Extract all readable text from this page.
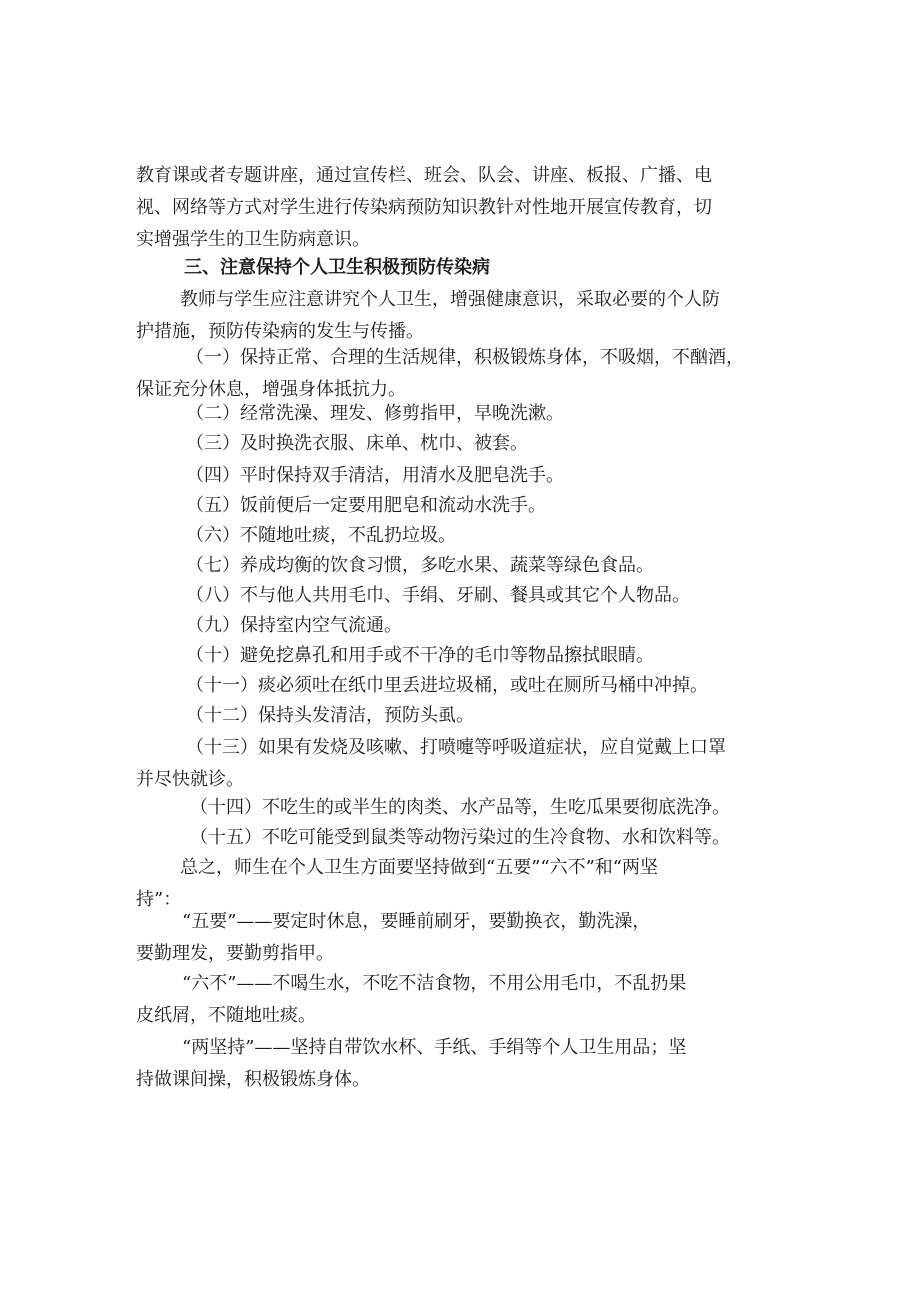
教育课或者专题讲座，通过宣传栏、班会、队会、讲座、板报、广播、电
视、网络等方式对学生进行传染病预防知识教针对性地开展宣传教育，切
实增强学生的卫生防病意识。
三、注意保持个人卫生积极预防传染病
教师与学生应注意讲究个人卫生，增强健康意识，采取必要的个人防
护措施，预防传染病的发生与传播。
（一）保持正常、合理的生活规律，积极锻炼身体，不吸烟，不酗酒，
保证充分休息，增强身体抵抗力。
（二）经常洗澡、理发、修剪指甲，早晚洗漱。
（三）及时换洗衣服、床单、枕巾、被套。
（四）平时保持双手清洁，用清水及肥皂洗手。
（五）饭前便后一定要用肥皂和流动水洗手。
（六）不随地吐痰，不乱扔垃圾。
（七）养成均衡的饮食习惯，多吃水果、蔬菜等绿色食品。
（八）不与他人共用毛巾、手绢、牙刷、餐具或其它个人物品。
（九）保持室内空气流通。
（十）避免挖鼻孔和用手或不干净的毛巾等物品擦拭眼睛。
（十一）痰必须吐在纸巾里丢进垃圾桶，或吐在厕所马桶中冲掉。
（十二）保持头发清洁，预防头虱。
（十三）如果有发烧及咳嗽、打喷嚏等呼吸道症状，应自觉戴上口罩
并尽快就诊。
（十四）不吃生的或半生的肉类、水产品等，生吃瓜果要彻底洗净。
（十五）不吃可能受到鼠类等动物污染过的生冷食物、水和饮料等。
总之，师生在个人卫生方面要坚持做到“五要”“六不”和“两坚
持”：
“五要”——要定时休息，要睡前刷牙，要勤换衣，勤洗澡，
要勤理发，要勤剪指甲。
“六不”——不喝生水，不吃不洁食物，不用公用毛巾，不乱扔果
皮纸屑，不随地吐痰。
“两坚持”——坚持自带饮水杯、手纸、手绢等个人卫生用品；坚
持做课间操，积极锻炼身体。
